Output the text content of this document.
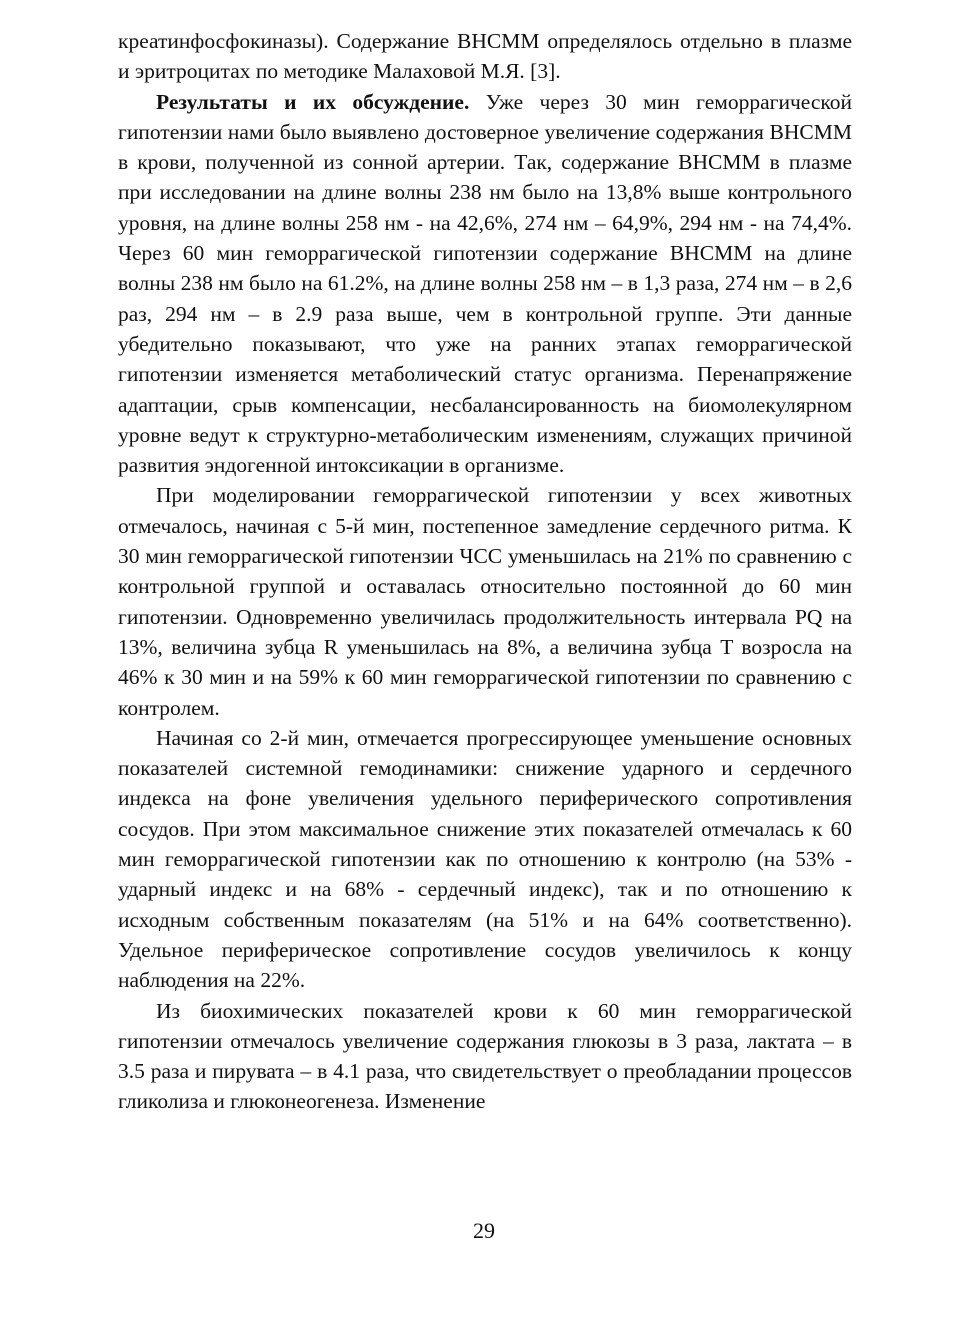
креатинфосфокиназы). Содержание ВНСММ определялось отдельно в плазме и эритроцитах по методике Малаховой М.Я. [3].

Результаты и их обсуждение. Уже через 30 мин геморрагической гипотензии нами было выявлено достоверное увеличение содержания ВНСММ в крови, полученной из сонной артерии. Так, содержание ВНСММ в плазме при исследовании на длине волны 238 нм было на 13,8% выше контрольного уровня, на длине волны 258 нм - на 42,6%, 274 нм – 64,9%, 294 нм - на 74,4%. Через 60 мин геморрагической гипотензии содержание ВНСММ на длине волны 238 нм было на 61.2%, на длине волны 258 нм – в 1,3 раза, 274 нм – в 2,6 раз, 294 нм – в 2.9 раза выше, чем в контрольной группе. Эти данные убедительно показывают, что уже на ранних этапах геморрагической гипотензии изменяется метаболический статус организма. Перенапряжение адаптации, срыв компенсации, несбалансированность на биомолекулярном уровне ведут к структурно-метаболическим изменениям, служащих причиной развития эндогенной интоксикации в организме.

При моделировании геморрагической гипотензии у всех животных отмечалось, начиная с 5-й мин, постепенное замедление сердечного ритма. К 30 мин геморрагической гипотензии ЧСС уменьшилась на 21% по сравнению с контрольной группой и оставалась относительно постоянной до 60 мин гипотензии. Одновременно увеличилась продолжительность интервала PQ на 13%, величина зубца R уменьшилась на 8%, а величина зубца T возросла на 46% к 30 мин и на 59% к 60 мин геморрагической гипотензии по сравнению с контролем.

Начиная со 2-й мин, отмечается прогрессирующее уменьшение основных показателей системной гемодинамики: снижение ударного и сердечного индекса на фоне увеличения удельного периферического сопротивления сосудов. При этом максимальное снижение этих показателей отмечалась к 60 мин геморрагической гипотензии как по отношению к контролю (на 53% - ударный индекс и на 68% - сердечный индекс), так и по отношению к исходным собственным показателям (на 51% и на 64% соответственно). Удельное периферическое сопротивление сосудов увеличилось к концу наблюдения на 22%.

Из биохимических показателей крови к 60 мин геморрагической гипотензии отмечалось увеличение содержания глюкозы в 3 раза, лактата – в 3.5 раза и пирувата – в 4.1 раза, что свидетельствует о преобладании процессов гликолиза и глюконеогенеза. Изменение

29
